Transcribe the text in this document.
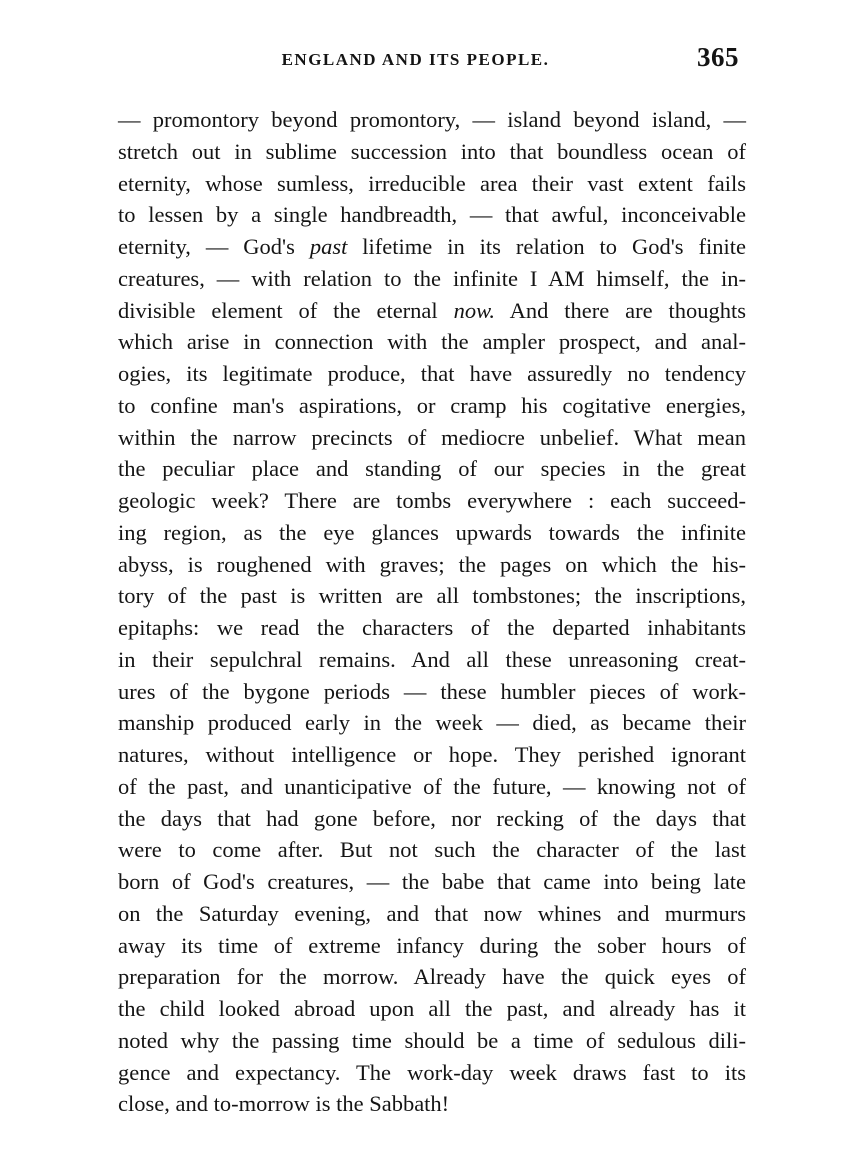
ENGLAND AND ITS PEOPLE.	365
— promontory beyond promontory, — island beyond island, —
stretch out in sublime succession into that boundless ocean of
eternity, whose sumless, irreducible area their vast extent fails
to lessen by a single handbreadth, — that awful, inconceivable
eternity, — God's past lifetime in its relation to God's finite
creatures, — with relation to the infinite I AM himself, the in-
divisible element of the eternal now. And there are thoughts
which arise in connection with the ampler prospect, and anal-
ogies, its legitimate produce, that have assuredly no tendency
to confine man's aspirations, or cramp his cogitative energies,
within the narrow precincts of mediocre unbelief. What mean
the peculiar place and standing of our species in the great
geologic week? There are tombs everywhere : each succeed-
ing region, as the eye glances upwards towards the infinite
abyss, is roughened with graves; the pages on which the his-
tory of the past is written are all tombstones; the inscriptions,
epitaphs: we read the characters of the departed inhabitants
in their sepulchral remains. And all these unreasoning creat-
ures of the bygone periods — these humbler pieces of work-
manship produced early in the week — died, as became their
natures, without intelligence or hope. They perished ignorant
of the past, and unanticipative of the future, — knowing not of
the days that had gone before, nor recking of the days that
were to come after. But not such the character of the last
born of God's creatures, — the babe that came into being late
on the Saturday evening, and that now whines and murmurs
away its time of extreme infancy during the sober hours of
preparation for the morrow. Already have the quick eyes of
the child looked abroad upon all the past, and already has it
noted why the passing time should be a time of sedulous dili-
gence and expectancy. The work-day week draws fast to its
close, and to-morrow is the Sabbath!
